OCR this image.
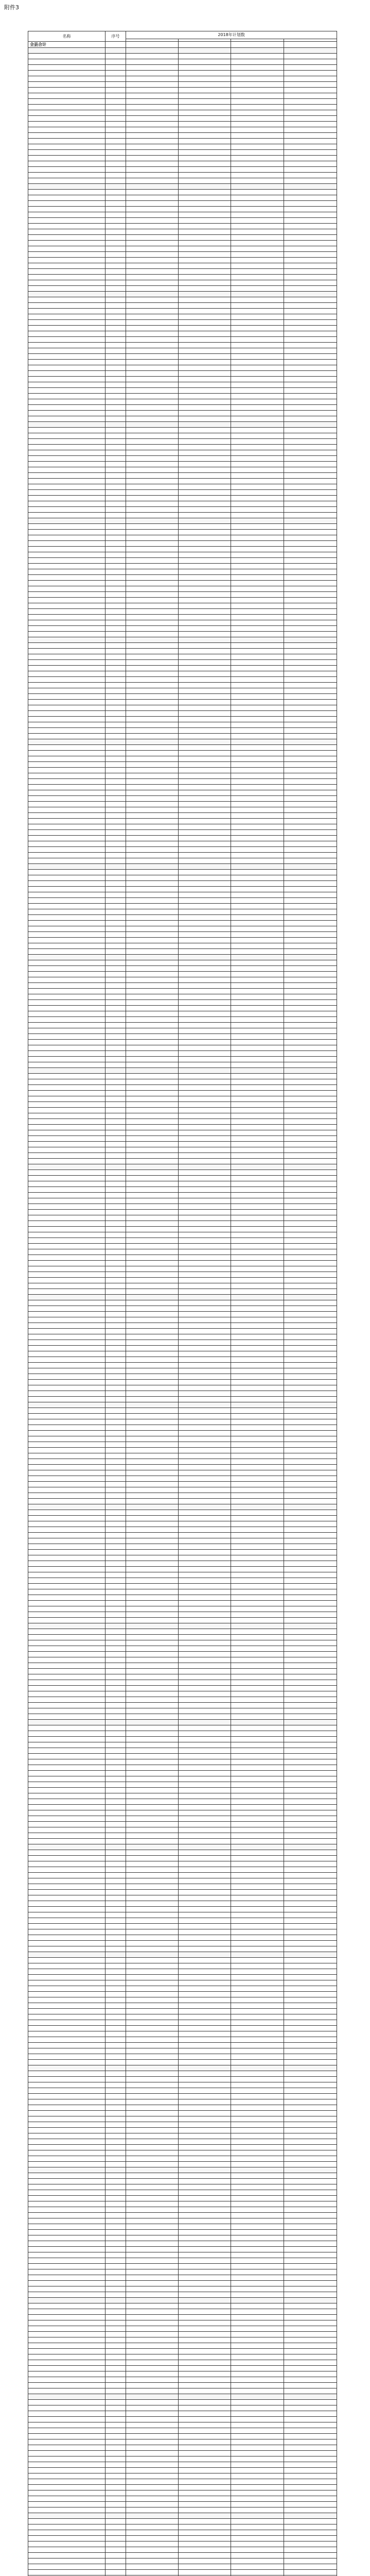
附件3
名称	序号	2018年计划数			

全县合计					
